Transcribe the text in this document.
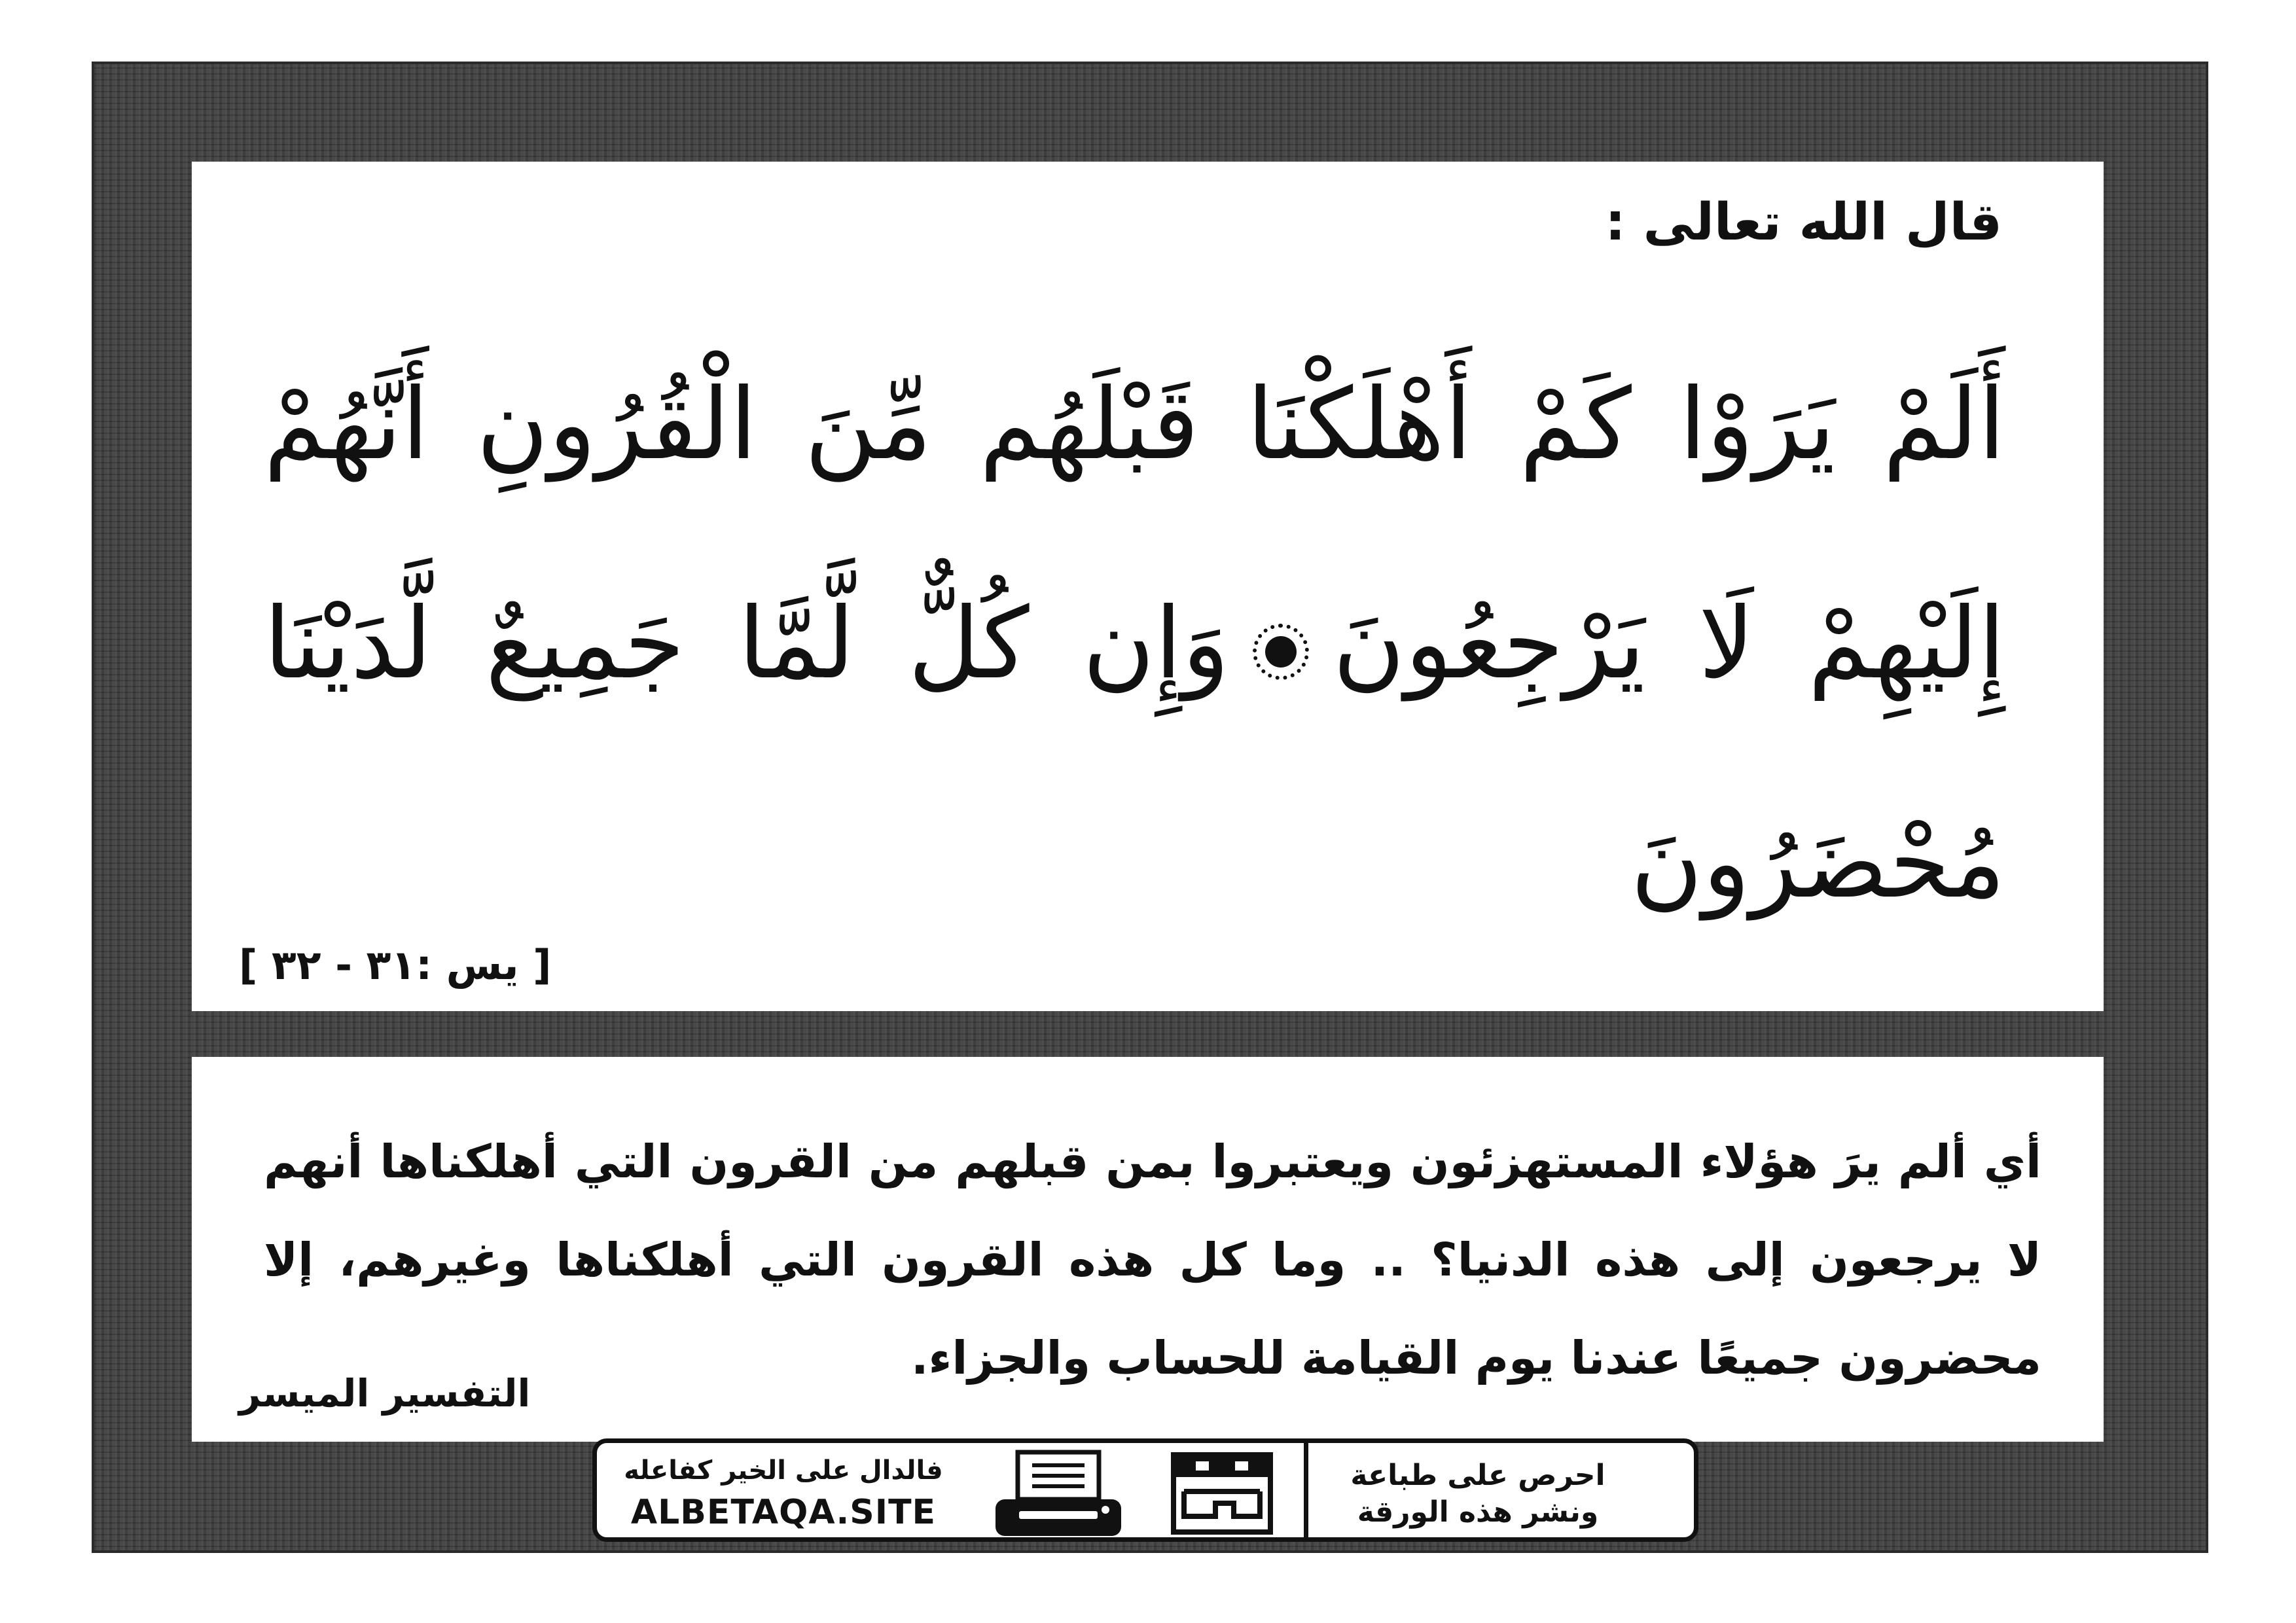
قال الله تعالى :

أَلَمْ يَرَوْا كَمْ أَهْلَكْنَا قَبْلَهُم مِّنَ الْقُرُونِ أَنَّهُمْ إِلَيْهِمْ لَا يَرْجِعُونَوَإِن كُلٌّ لَّمَّا جَمِيعٌ لَّدَيْنَا مُحْضَرُونَ

[ يس :٣١ - ٣٢ ]

أي ألم يرَ هؤلاء المستهزئون ويعتبروا بمن قبلهم من القرون التي أهلكناها أنهم لا يرجعون إلى هذه الدنيا؟ .. وما كل هذه القرون التي أهلكناها وغيرهم، إلا محضرون جميعًا عندنا يوم القيامة للحساب والجزاء.

التفسير الميسر

فالدال على الخير كفاعله
ALBETAQA.SITE
احرص على طباعة
ونشر هذه الورقة
